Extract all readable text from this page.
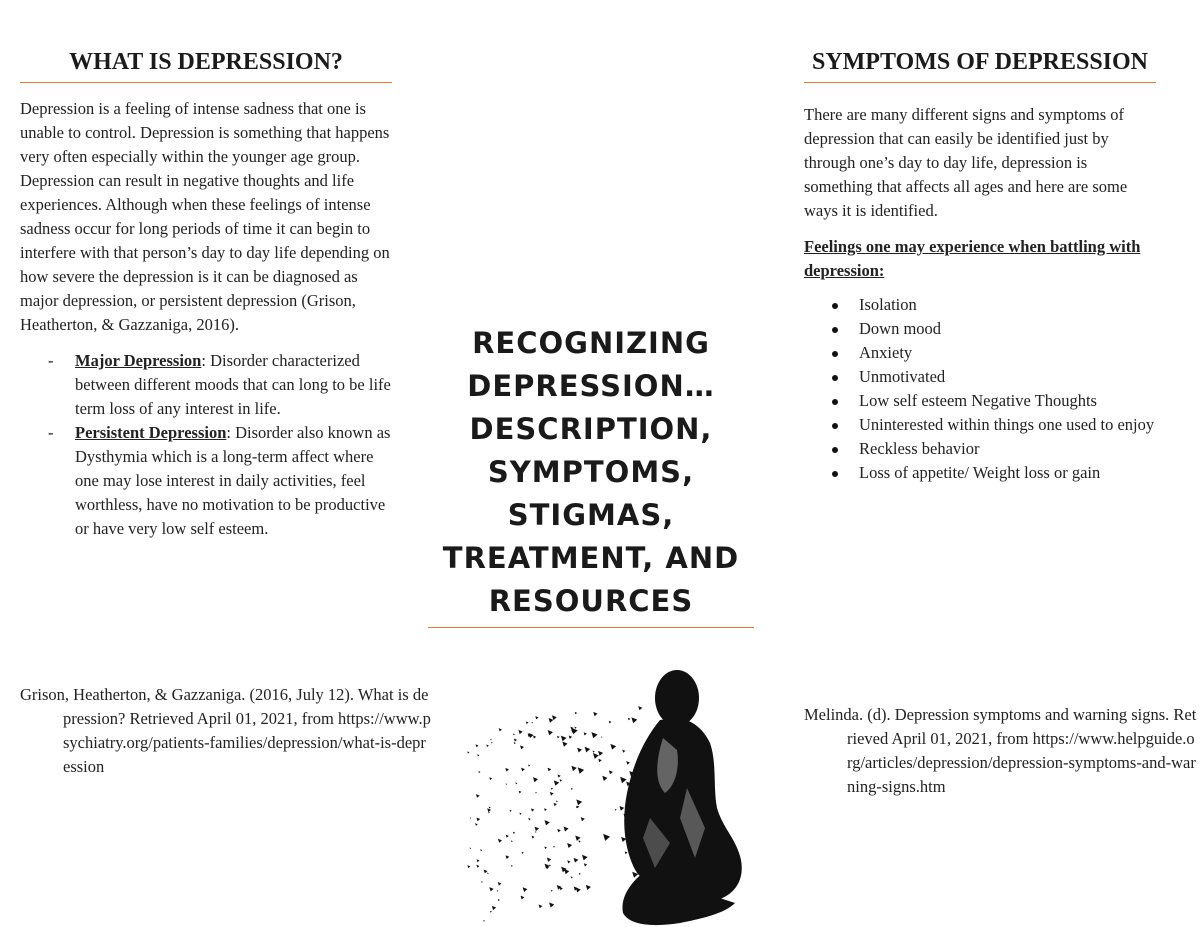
WHAT IS DEPRESSION?

Depression is a feeling of intense sadness that one is unable to control. Depression is something that happens very often especially within the younger age group. Depression can result in negative thoughts and life experiences. Although when these feelings of intense sadness occur for long periods of time it can begin to interfere with that person’s day to day life depending on how severe the depression is it can be diagnosed as major depression, or persistent depression (Grison, Heatherton, & Gazzaniga, 2016).

- Major Depression: Disorder characterized between different moods that can long to be life term loss of any interest in life.
- Persistent Depression: Disorder also known as Dysthymia which is a long-term affect where one may lose interest in daily activities, feel worthless, have no motivation to be productive or have very low self esteem.
Grison, Heatherton, & Gazzaniga. (2016, July 12). What is depression? Retrieved April 01, 2021, from https://www.psychiatry.org/patients-families/depression/what-is-depression
RECOGNIZING DEPRESSION… DESCRIPTION, SYMPTOMS, STIGMAS, TREATMENT, AND RESOURCES
SYMPTOMS OF DEPRESSION

There are many different signs and symptoms of depression that can easily be identified just by through one’s day to day life, depression is something that affects all ages and here are some ways it is identified.

Feelings one may experience when battling with depression:
Isolation
Down mood
Anxiety
Unmotivated
Low self esteem Negative Thoughts
Uninterested within things one used to enjoy
Reckless behavior
Loss of appetite/ Weight loss or gain
Melinda. (d). Depression symptoms and warning signs. Retrieved April 01, 2021, from https://www.helpguide.org/articles/depression/depression-symptoms-and-warning-signs.htm
